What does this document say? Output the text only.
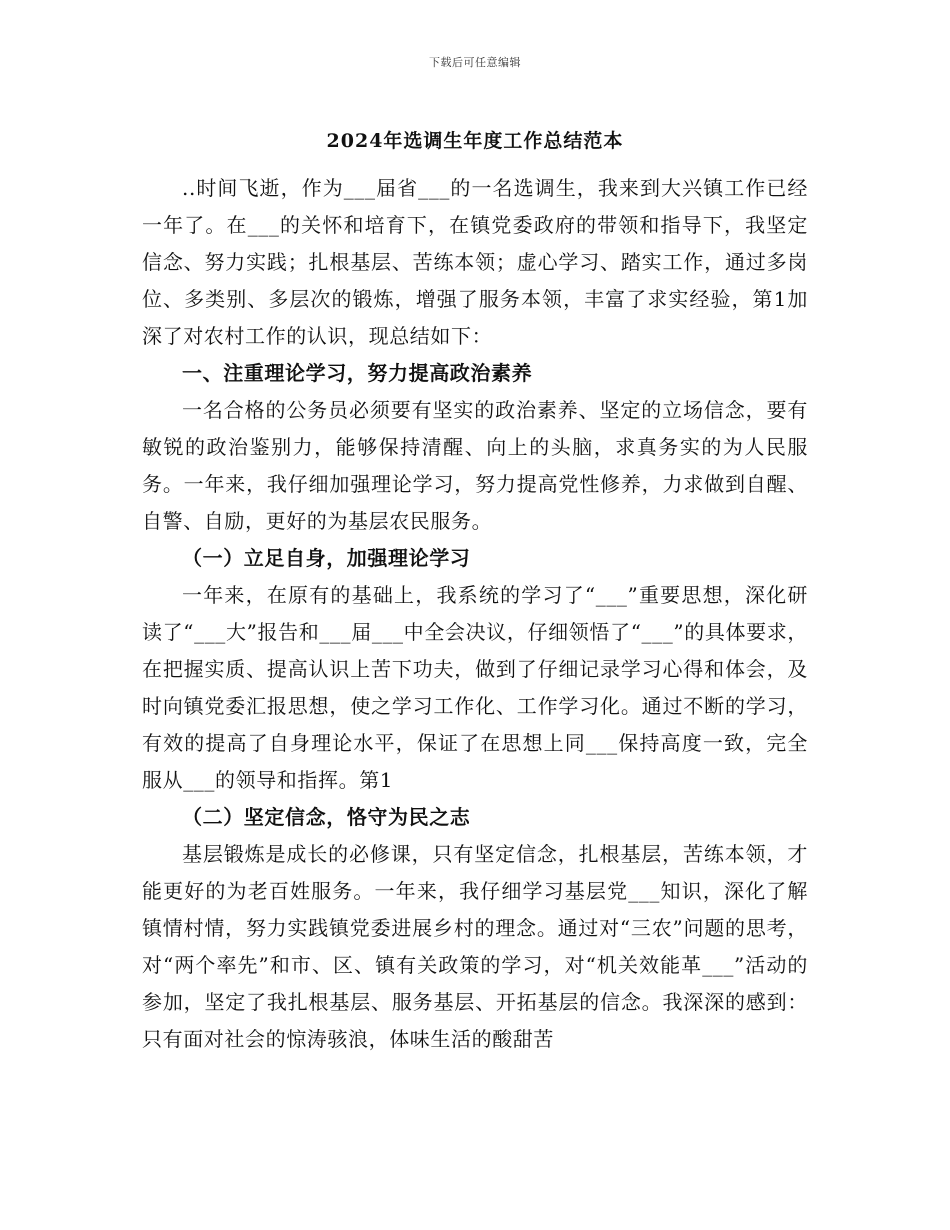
下载后可任意编辑
2024年选调生年度工作总结范本

..时间飞逝，作为___届省___的一名选调生，我来到大兴镇工作已经一年了。在___的关怀和培育下，在镇党委政府的带领和指导下，我坚定信念、努力实践；扎根基层、苦练本领；虚心学习、踏实工作，通过多岗位、多类别、多层次的锻炼，增强了服务本领，丰富了求实经验，第1加深了对农村工作的认识，现总结如下：

一、注重理论学习，努力提高政治素养

一名合格的公务员必须要有坚实的政治素养、坚定的立场信念，要有敏锐的政治鉴别力，能够保持清醒、向上的头脑，求真务实的为人民服务。一年来，我仔细加强理论学习，努力提高党性修养，力求做到自醒、自警、自励，更好的为基层农民服务。

（一）立足自身，加强理论学习

一年来，在原有的基础上，我系统的学习了“___”重要思想，深化研读了“___大”报告和___届___中全会决议，仔细领悟了“___”的具体要求，在把握实质、提高认识上苦下功夫，做到了仔细记录学习心得和体会，及时向镇党委汇报思想，使之学习工作化、工作学习化。通过不断的学习，有效的提高了自身理论水平，保证了在思想上同___保持高度一致，完全服从___的领导和指挥。第1

（二）坚定信念，恪守为民之志

基层锻炼是成长的必修课，只有坚定信念，扎根基层，苦练本领，才能更好的为老百姓服务。一年来，我仔细学习基层党___知识，深化了解镇情村情，努力实践镇党委进展乡村的理念。通过对“三农”问题的思考，对“两个率先”和市、区、镇有关政策的学习，对“机关效能革___”活动的参加，坚定了我扎根基层、服务基层、开拓基层的信念。我深深的感到：只有面对社会的惊涛骇浪，体味生活的酸甜苦
